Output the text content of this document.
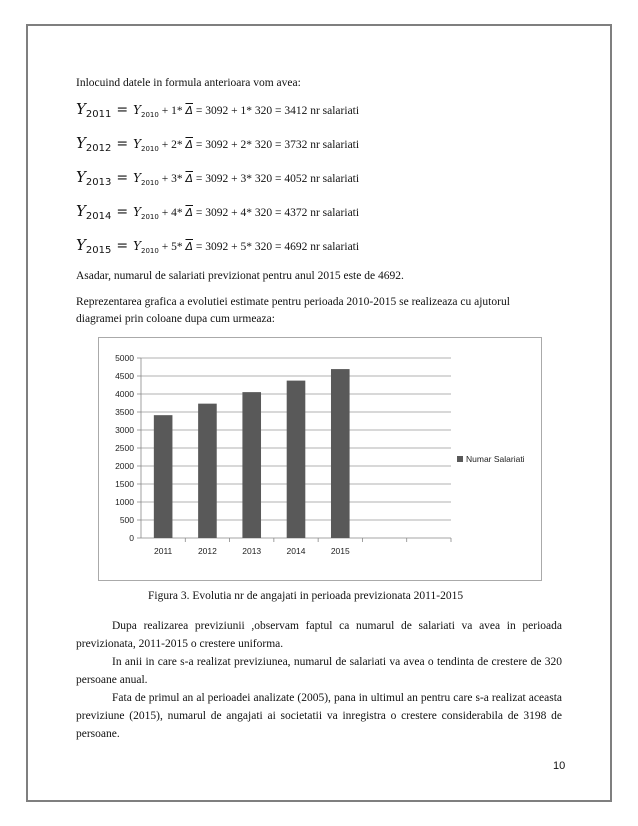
Inlocuind datele in formula anterioara vom avea:
$Y2011 = Y_{2010} + 1*$ $\overline{\Delta} = 3092 + 1*$ 320 = 3412 nr salariati
$Y2012 = Y_{2010} + 2*$ $\overline{\Delta} = 3092 + 2*$ 320 = 3732 nr salariati
$Y2013 = Y_{2010} + 3*$ $\overline{\Delta} = 3092 + 3*$ 320 = 4052 nr salariati
$Y2014 = Y_{2010} + 4*$ $\overline{\Delta} = 3092 + 4*$ 320 = 4372 nr salariati
$Y2015 = Y_{2010} + 5*$ $\overline{\Delta} = 3092 + 5*$ 320 = 4692 nr salariati
Asadar, numarul de salariati previzionat pentru anul 2015 este de 4692.
Reprezentarea grafica a evolutiei estimate pentru perioada 2010-2015 se realizeaza cu ajutorul
diagramei prin coloane dupa cum urmeaza:
0
500
1000
1500
2000
2500
3000
3500
4000
4500
5000
2011	2012	2013	2014	2015
Numar Salariati
Figura 3. Evolutia nr de angajati in perioada previzionata 2011-2015
Dupa realizarea previziunii ,observam faptul ca numarul de salariati va avea in perioada previzionata, 2011-2015 o crestere uniforma.
In anii in care s-a realizat previziunea, numarul de salariati va avea o tendinta de crestere de 320 persoane anual.
Fata de primul an al perioadei analizate (2005), pana in ultimul an pentru care s-a realizat aceasta previziune (2015), numarul de angajati ai societatii va inregistra o crestere considerabila de 3198 de persoane.
10
